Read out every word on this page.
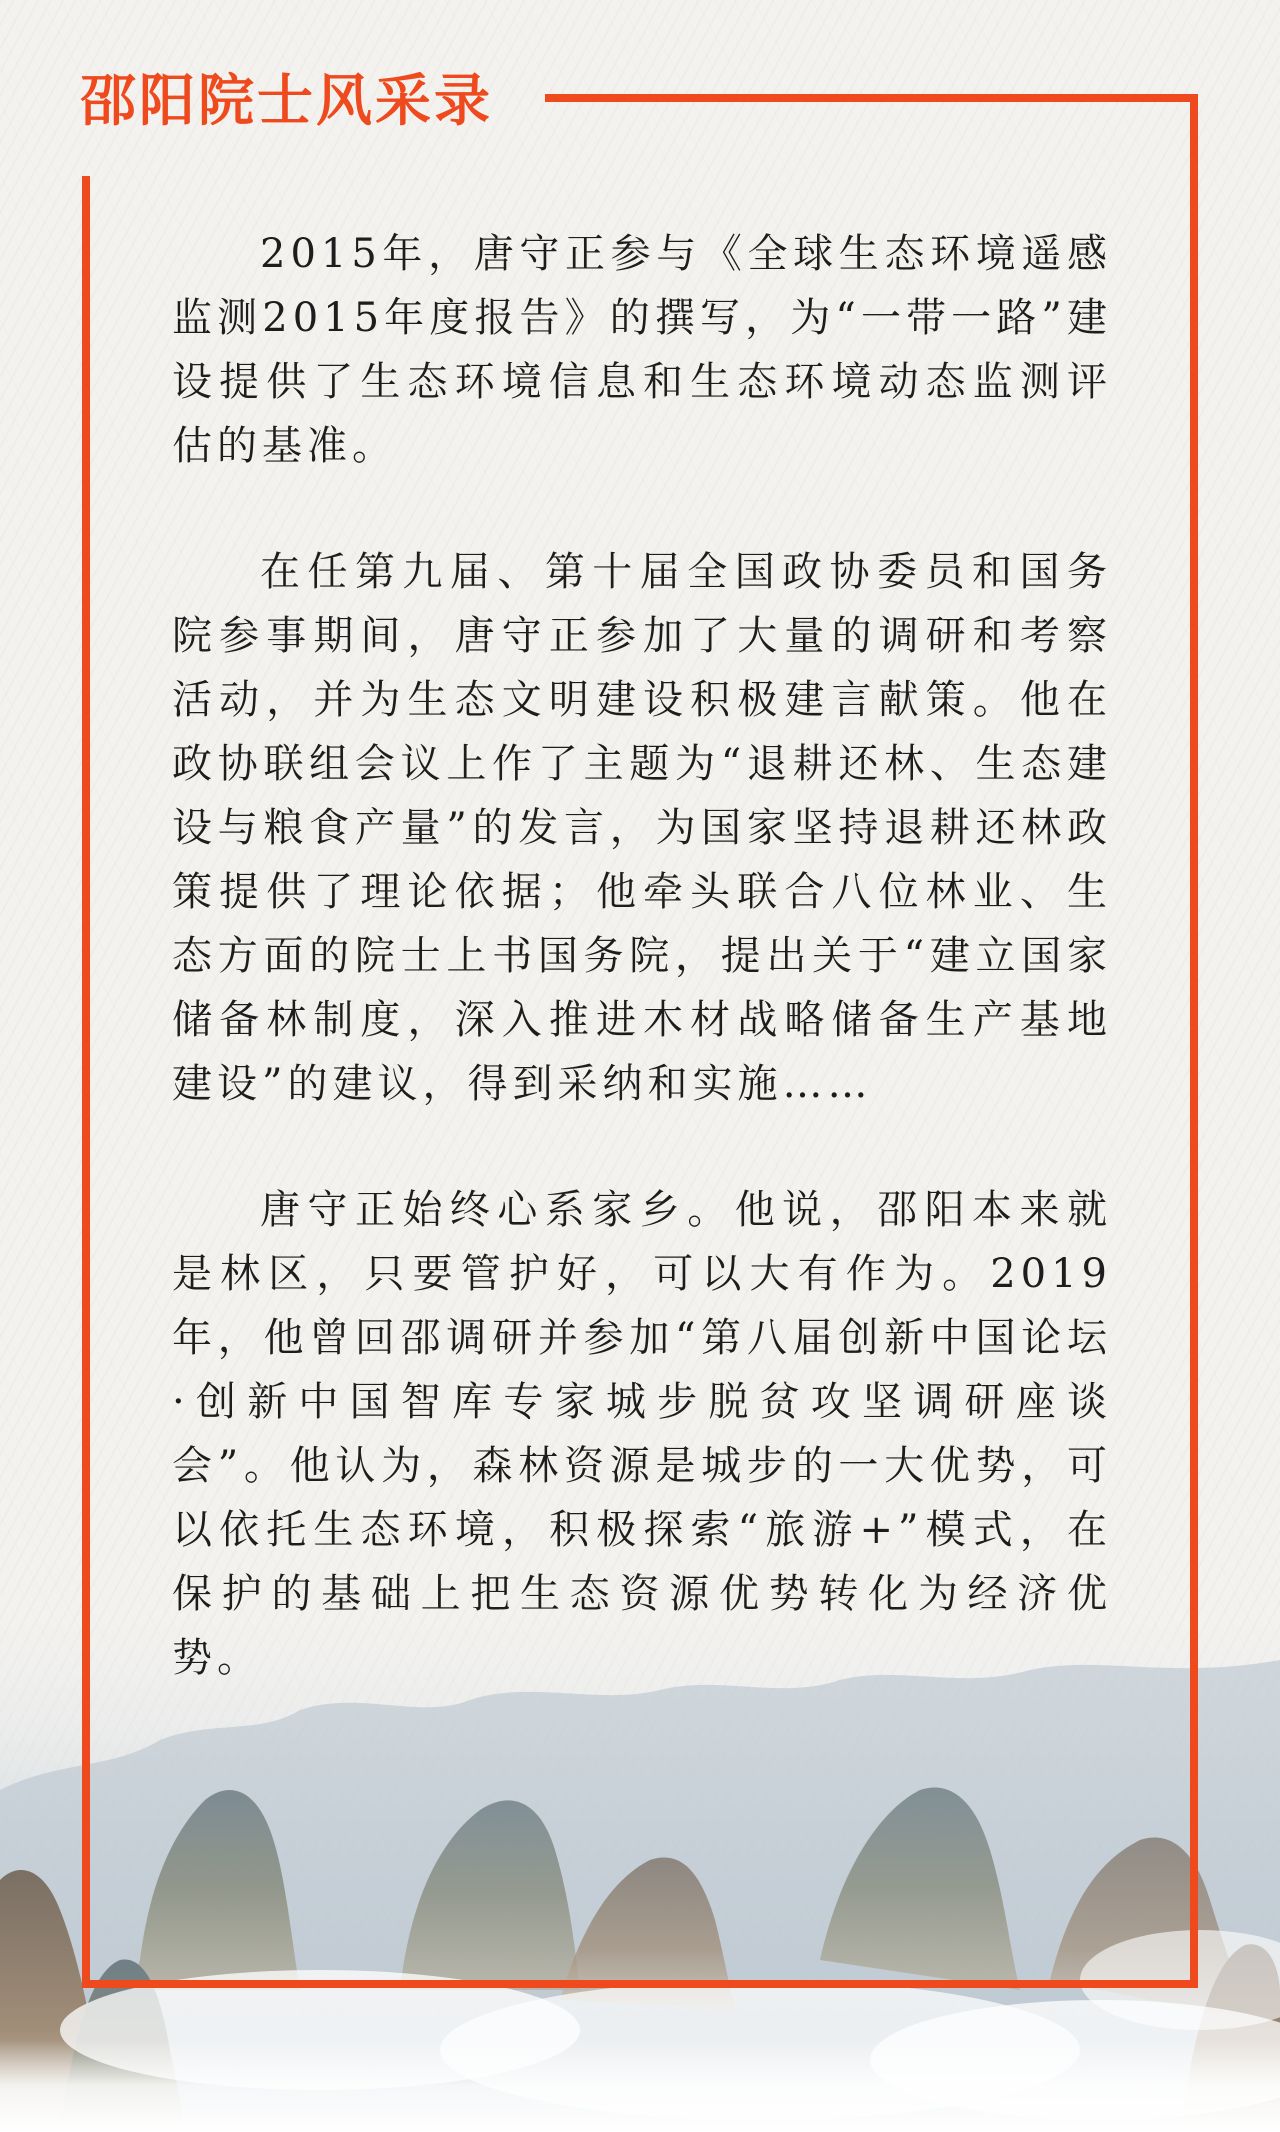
邵阳院士风采录

2015年，唐守正参与《全球生态环境遥感监测2015年度报告》的撰写，为“一带一路”建设提供了生态环境信息和生态环境动态监测评估的基准。

在任第九届、第十届全国政协委员和国务院参事期间，唐守正参加了大量的调研和考察活动，并为生态文明建设积极建言献策。他在政协联组会议上作了主题为“退耕还林、生态建设与粮食产量”的发言，为国家坚持退耕还林政策提供了理论依据；他牵头联合八位林业、生态方面的院士上书国务院，提出关于“建立国家储备林制度，深入推进木材战略储备生产基地建设”的建议，得到采纳和实施……

唐守正始终心系家乡。他说，邵阳本来就是林区，只要管护好，可以大有作为。2019年，他曾回邵调研并参加“第八届创新中国论坛·创新中国智库专家城步脱贫攻坚调研座谈会”。他认为，森林资源是城步的一大优势，可以依托生态环境，积极探索“旅游+”模式，在保护的基础上把生态资源优势转化为经济优势。
